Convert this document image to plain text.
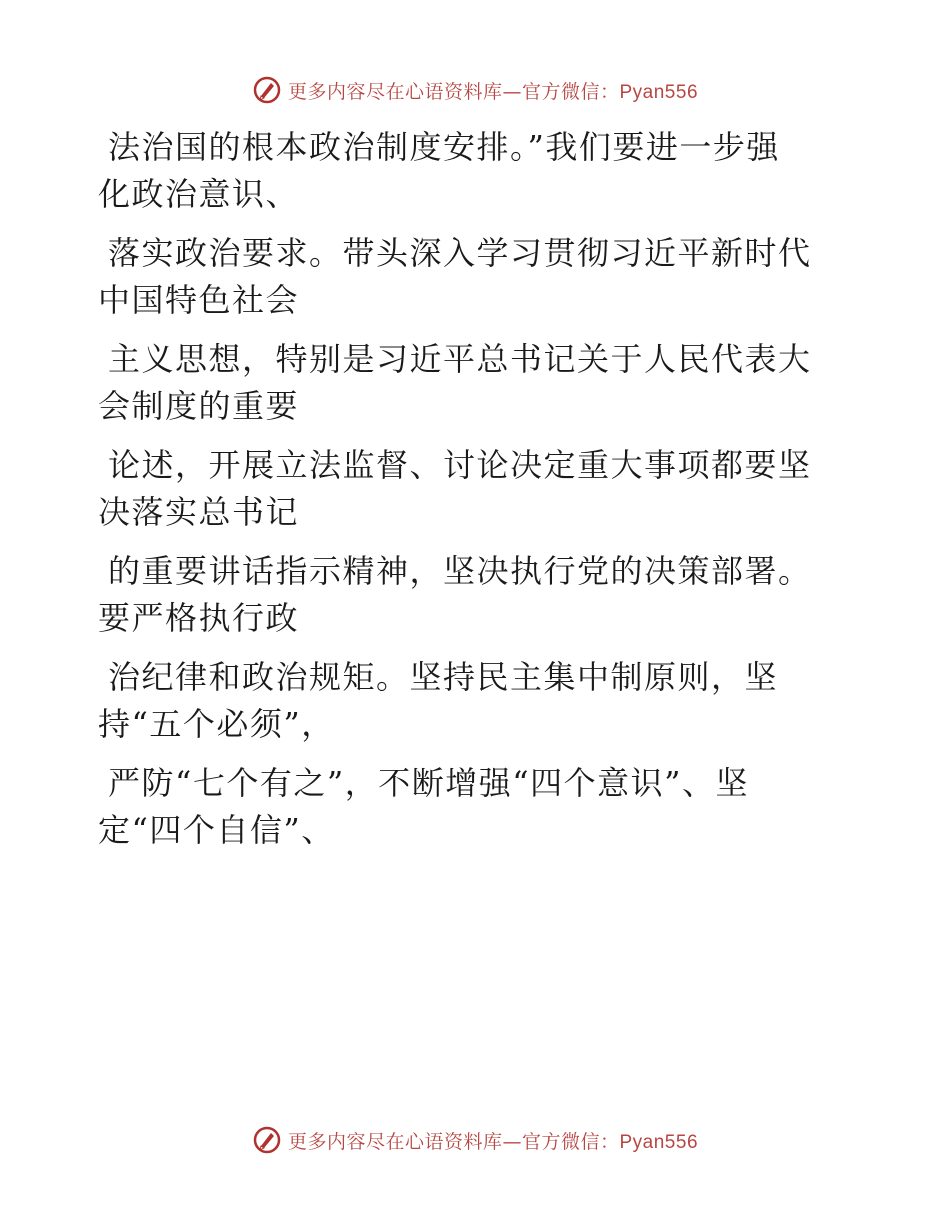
更多内容尽在心语资料库—官方微信：Pyan556
法治国的根本政治制度安排。”我们要进一步强
化政治意识、
落实政治要求。带头深入学习贯彻习近平新时代
中国特色社会
主义思想，特别是习近平总书记关于人民代表大
会制度的重要
论述，开展立法监督、讨论决定重大事项都要坚
决落实总书记
的重要讲话指示精神，坚决执行党的决策部署。
要严格执行政
治纪律和政治规矩。坚持民主集中制原则，坚
持“五个必须”，
严防“七个有之”，不断增强“四个意识”、坚
定“四个自信”、
更多内容尽在心语资料库—官方微信：Pyan556
